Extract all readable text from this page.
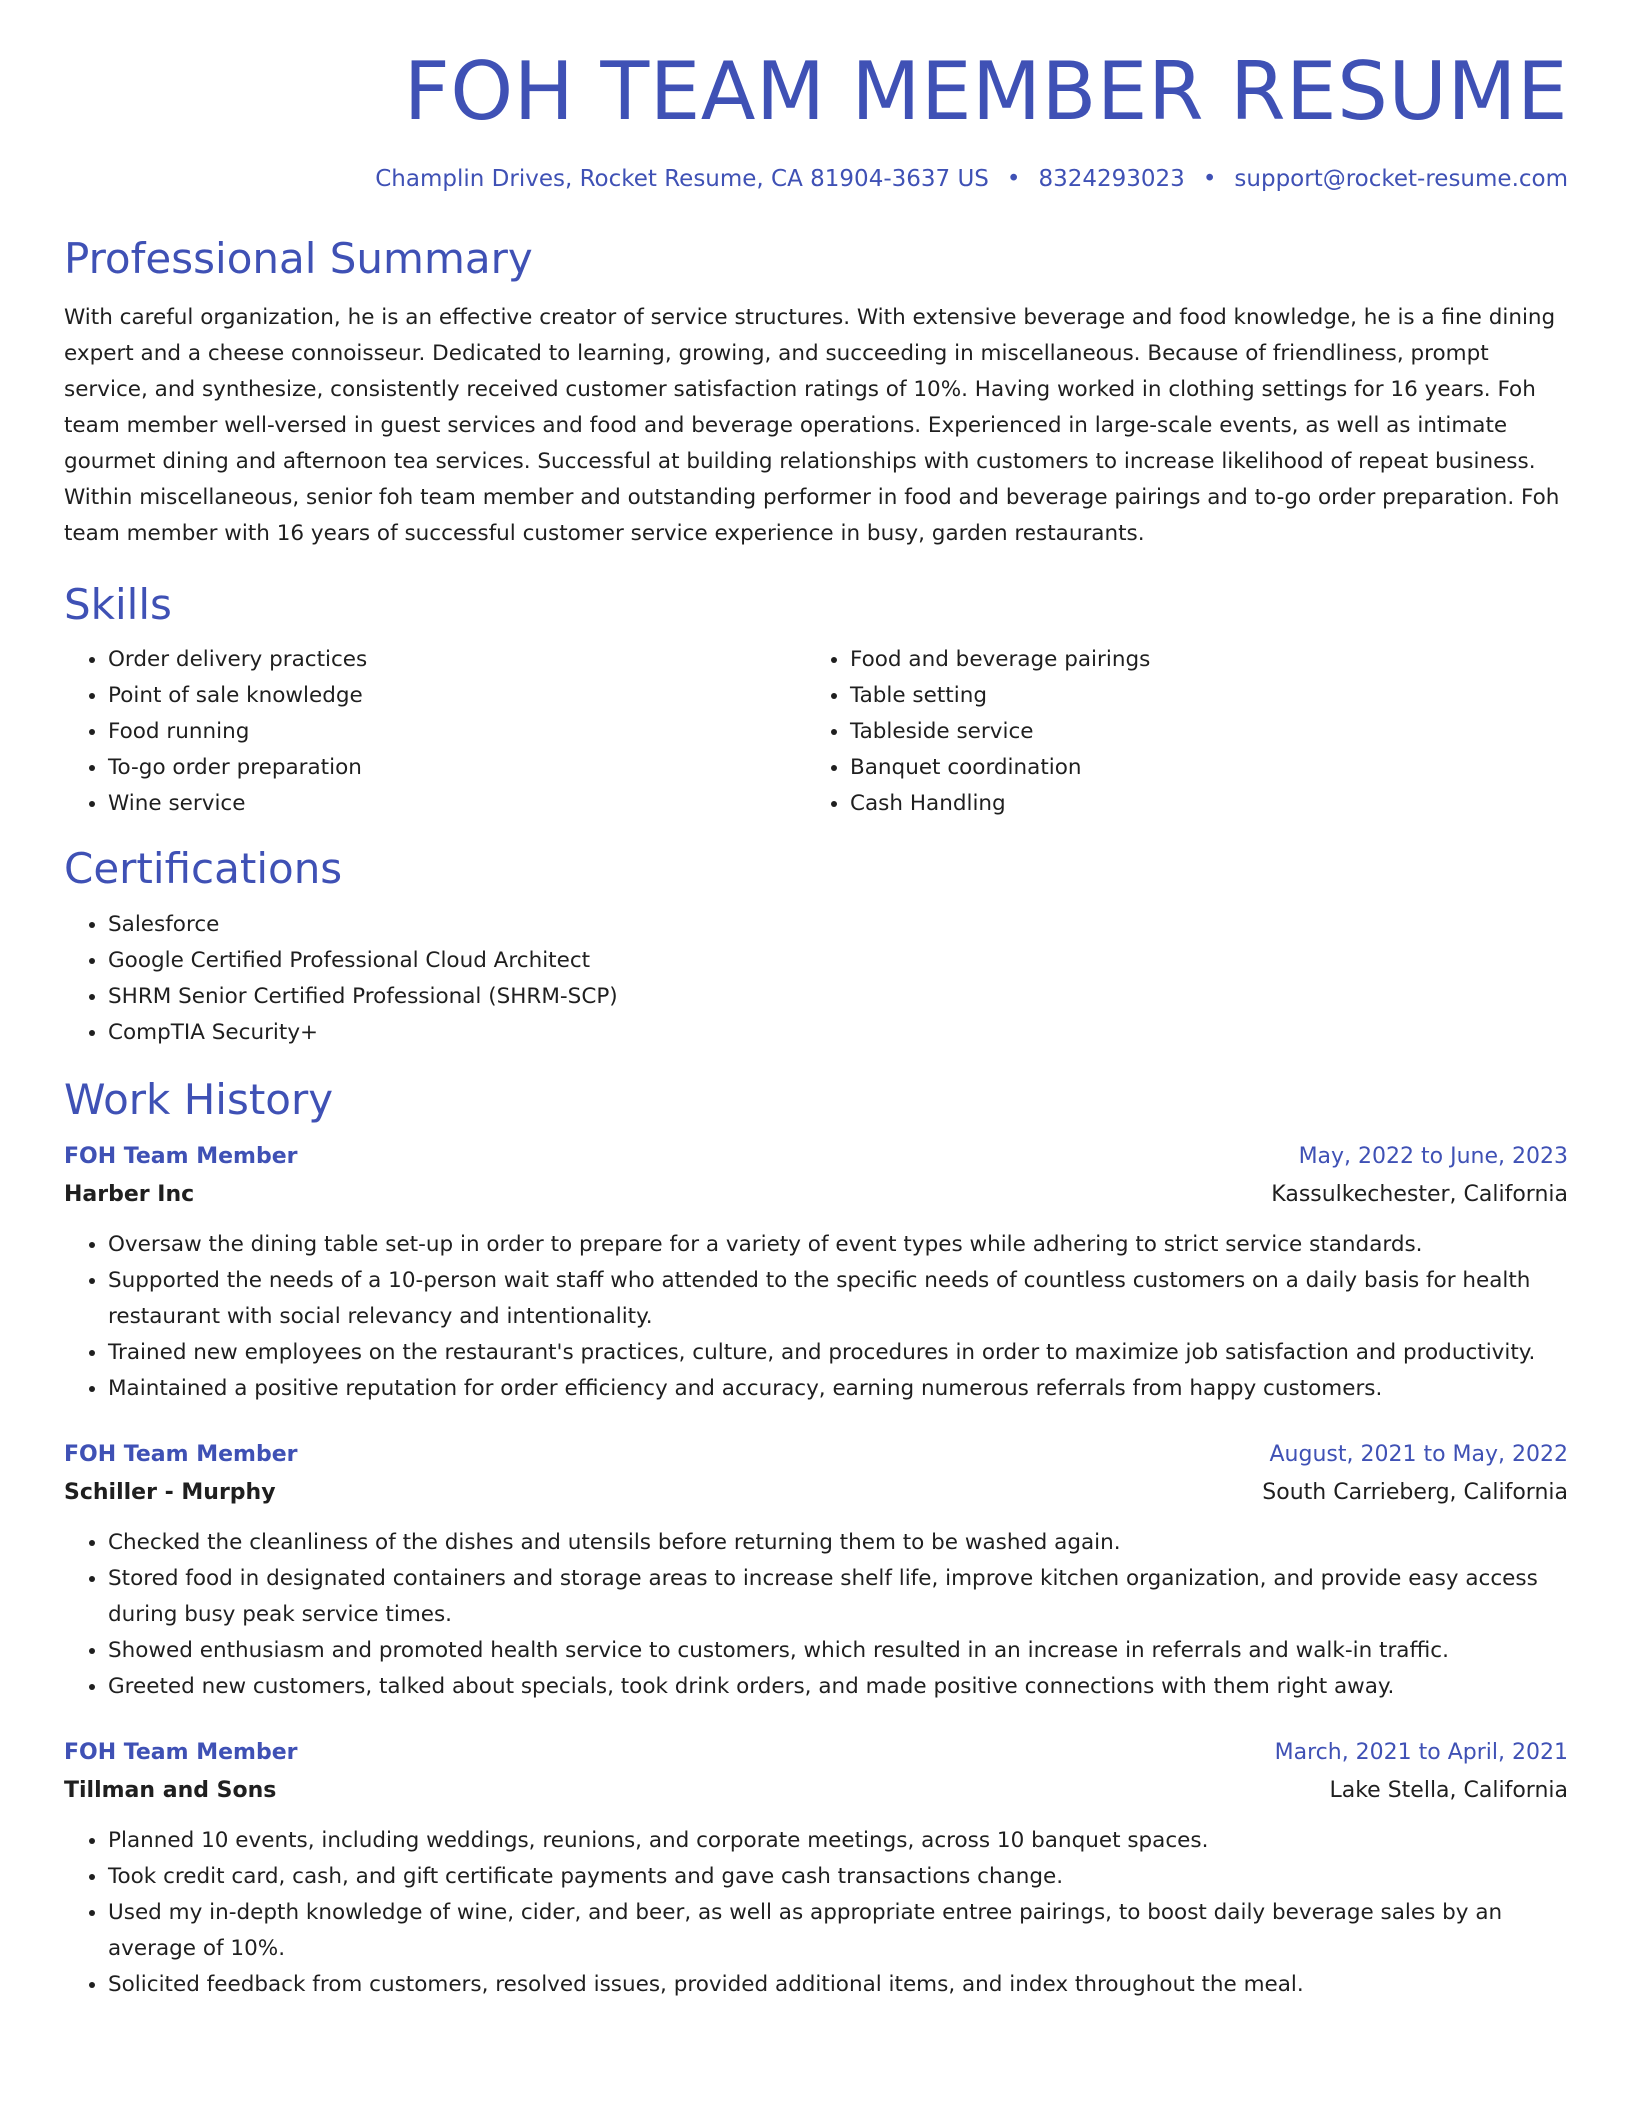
FOH TEAM MEMBER RESUME
Champlin Drives, Rocket Resume, CA 81904-3637 US • 8324293023 • support@rocket-resume.com
Professional Summary

With careful organization, he is an effective creator of service structures. With extensive beverage and food knowledge, he is a fine dining expert and a cheese connoisseur. Dedicated to learning, growing, and succeeding in miscellaneous. Because of friendliness, prompt service, and synthesize, consistently received customer satisfaction ratings of 10%. Having worked in clothing settings for 16 years. Foh team member well-versed in guest services and food and beverage operations. Experienced in large-scale events, as well as intimate gourmet dining and afternoon tea services. Successful at building relationships with customers to increase likelihood of repeat business. Within miscellaneous, senior foh team member and outstanding performer in food and beverage pairings and to-go order preparation. Foh team member with 16 years of successful customer service experience in busy, garden restaurants.

Skills
• Order delivery practices
• Point of sale knowledge
• Food running
• To-go order preparation
• Wine service
• Food and beverage pairings
• Table setting
• Tableside service
• Banquet coordination
• Cash Handling
Certifications
• Salesforce
• Google Certified Professional Cloud Architect
• SHRM Senior Certified Professional (SHRM-SCP)
• CompTIA Security+
Work History
FOH Team Member	May, 2022 to June, 2023
Harber Inc	Kassulkechester, California
• Oversaw the dining table set-up in order to prepare for a variety of event types while adhering to strict service standards.
• Supported the needs of a 10-person wait staff who attended to the specific needs of countless customers on a daily basis for health restaurant with social relevancy and intentionality.
• Trained new employees on the restaurant's practices, culture, and procedures in order to maximize job satisfaction and productivity.
• Maintained a positive reputation for order efficiency and accuracy, earning numerous referrals from happy customers.
FOH Team Member	August, 2021 to May, 2022
Schiller - Murphy	South Carrieberg, California
• Checked the cleanliness of the dishes and utensils before returning them to be washed again.
• Stored food in designated containers and storage areas to increase shelf life, improve kitchen organization, and provide easy access during busy peak service times.
• Showed enthusiasm and promoted health service to customers, which resulted in an increase in referrals and walk-in traffic.
• Greeted new customers, talked about specials, took drink orders, and made positive connections with them right away.
FOH Team Member	March, 2021 to April, 2021
Tillman and Sons	Lake Stella, California
• Planned 10 events, including weddings, reunions, and corporate meetings, across 10 banquet spaces.
• Took credit card, cash, and gift certificate payments and gave cash transactions change.
• Used my in-depth knowledge of wine, cider, and beer, as well as appropriate entree pairings, to boost daily beverage sales by an average of 10%.
• Solicited feedback from customers, resolved issues, provided additional items, and index throughout the meal.
